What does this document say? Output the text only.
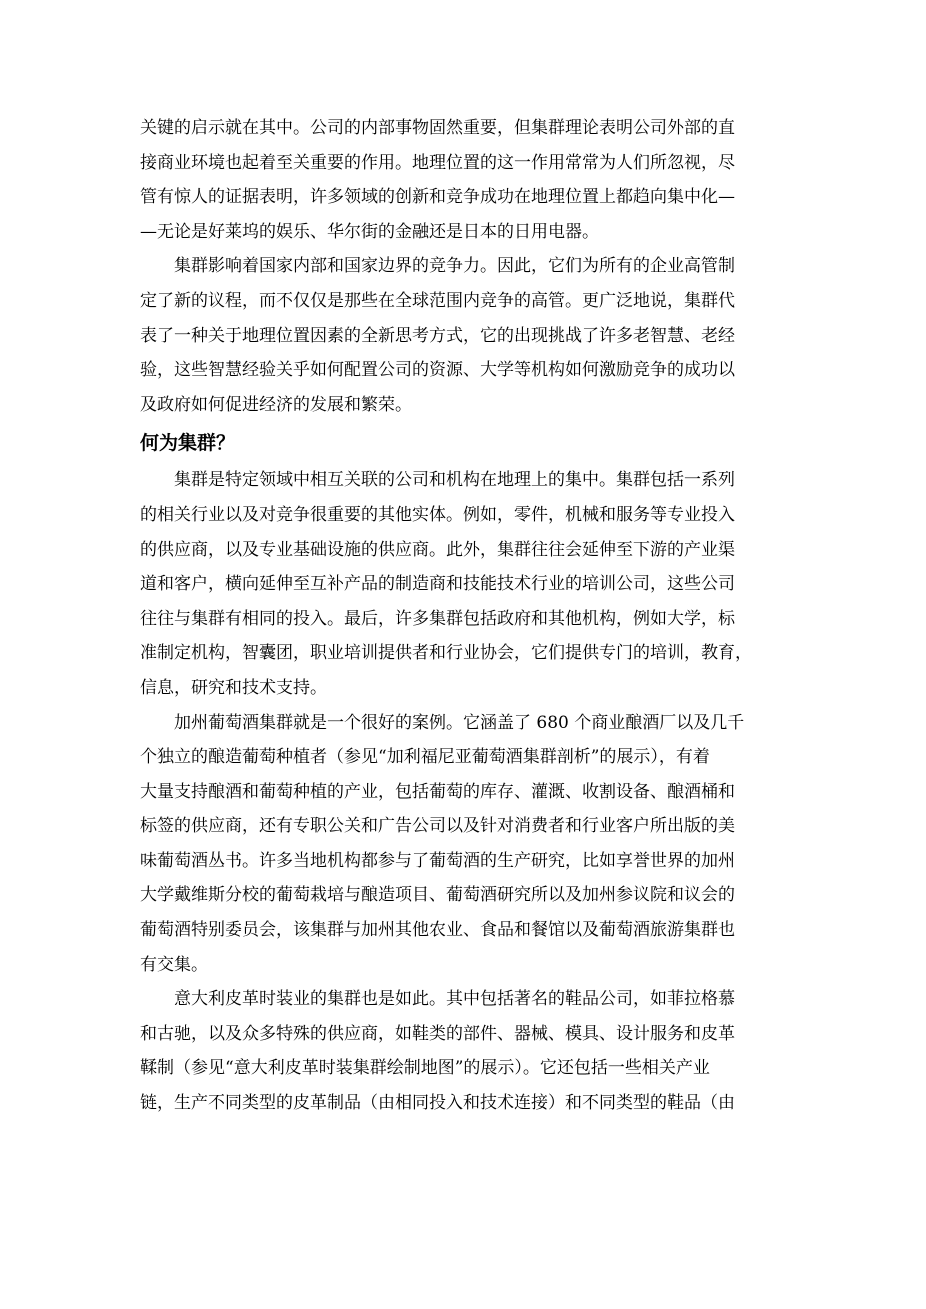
关键的启示就在其中。公司的内部事物固然重要，但集群理论表明公司外部的直
接商业环境也起着至关重要的作用。地理位置的这一作用常常为人们所忽视，尽
管有惊人的证据表明，许多领域的创新和竞争成功在地理位置上都趋向集中化—
—无论是好莱坞的娱乐、华尔街的金融还是日本的日用电器。

集群影响着国家内部和国家边界的竞争力。因此，它们为所有的企业高管制
定了新的议程，而不仅仅是那些在全球范围内竞争的高管。更广泛地说，集群代
表了一种关于地理位置因素的全新思考方式，它的出现挑战了许多老智慧、老经
验，这些智慧经验关乎如何配置公司的资源、大学等机构如何激励竞争的成功以
及政府如何促进经济的发展和繁荣。

何为集群？

集群是特定领域中相互关联的公司和机构在地理上的集中。集群包括一系列
的相关行业以及对竞争很重要的其他实体。例如，零件，机械和服务等专业投入
的供应商，以及专业基础设施的供应商。此外，集群往往会延伸至下游的产业渠
道和客户，横向延伸至互补产品的制造商和技能技术行业的培训公司，这些公司
往往与集群有相同的投入。最后，许多集群包括政府和其他机构，例如大学，标
准制定机构，智囊团，职业培训提供者和行业协会，它们提供专门的培训，教育，
信息，研究和技术支持。

加州葡萄酒集群就是一个很好的案例。它涵盖了 680 个商业酿酒厂以及几千
个独立的酿造葡萄种植者（参见“加利福尼亚葡萄酒集群剖析”的展示），有着
大量支持酿酒和葡萄种植的产业，包括葡萄的库存、灌溉、收割设备、酿酒桶和
标签的供应商，还有专职公关和广告公司以及针对消费者和行业客户所出版的美
味葡萄酒丛书。许多当地机构都参与了葡萄酒的生产研究，比如享誉世界的加州
大学戴维斯分校的葡萄栽培与酿造项目、葡萄酒研究所以及加州参议院和议会的
葡萄酒特别委员会，该集群与加州其他农业、食品和餐馆以及葡萄酒旅游集群也
有交集。

意大利皮革时装业的集群也是如此。其中包括著名的鞋品公司，如菲拉格慕
和古驰，以及众多特殊的供应商，如鞋类的部件、器械、模具、设计服务和皮革
鞣制（参见“意大利皮革时装集群绘制地图”的展示）。它还包括一些相关产业
链，生产不同类型的皮革制品（由相同投入和技术连接）和不同类型的鞋品（由
